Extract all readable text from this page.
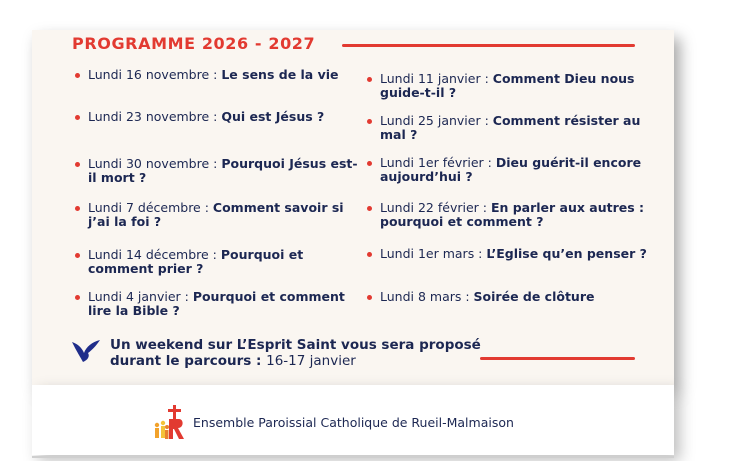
PROGRAMME 2026 - 2027
Lundi 16 novembre : Le sens de la vie
Lundi 23 novembre : Qui est Jésus ?
Lundi 30 novembre : Pourquoi Jésus est-il mort ?
Lundi 7 décembre : Comment savoir si j’ai la foi ?
Lundi 14 décembre : Pourquoi et comment prier ?
Lundi 4 janvier : Pourquoi et comment lire la Bible ?
Lundi 11 janvier : Comment Dieu nous guide-t-il ?
Lundi 25 janvier : Comment résister au mal ?
Lundi 1er février : Dieu guérit-il encore aujourd’hui ?
Lundi 22 février : En parler aux autres : pourquoi et comment ?
Lundi 1er mars : L’Eglise qu’en penser ?
Lundi 8 mars : Soirée de clôture
Un weekend sur L’Esprit Saint vous sera proposé durant le parcours : 16-17 janvier
Ensemble Paroissial Catholique de Rueil-Malmaison
